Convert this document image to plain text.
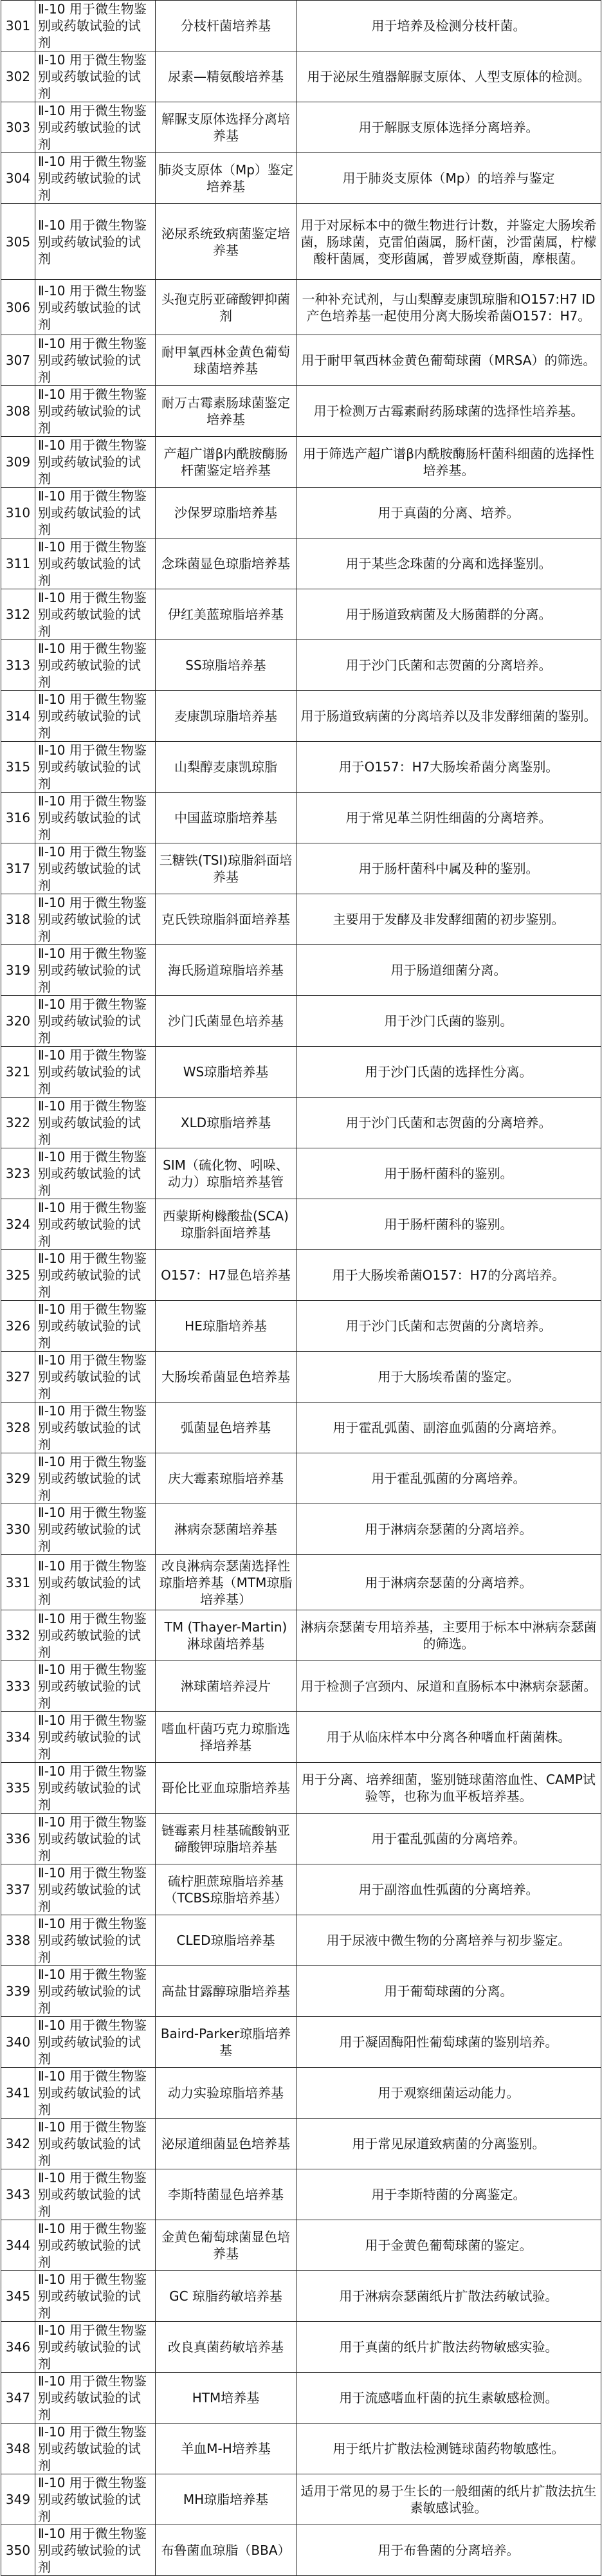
301	Ⅱ-10 用于微生物鉴别或药敏试验的试剂	分枝杆菌培养基	用于培养及检测分枝杆菌。
302	Ⅱ-10 用于微生物鉴别或药敏试验的试剂	尿素—精氨酸培养基	用于泌尿生殖器解脲支原体、人型支原体的检测。
303	Ⅱ-10 用于微生物鉴别或药敏试验的试剂	解脲支原体选择分离培养基	用于解脲支原体选择分离培养。
304	Ⅱ-10 用于微生物鉴别或药敏试验的试剂	肺炎支原体（Mp）鉴定培养基	用于肺炎支原体（Mp）的培养与鉴定
305	Ⅱ-10 用于微生物鉴别或药敏试验的试剂	泌尿系统致病菌鉴定培养基	用于对尿标本中的微生物进行计数，并鉴定大肠埃希菌，肠球菌，克雷伯菌属，肠杆菌，沙雷菌属，柠檬酸杆菌属，变形菌属，普罗威登斯菌，摩根菌。
306	Ⅱ-10 用于微生物鉴别或药敏试验的试剂	头孢克肟亚碲酸钾抑菌剂	一种补充试剂，与山梨醇麦康凯琼脂和O157:H7 ID产色培养基一起使用分离大肠埃希菌O157：H7。
307	Ⅱ-10 用于微生物鉴别或药敏试验的试剂	耐甲氧西林金黄色葡萄球菌培养基	用于耐甲氧西林金黄色葡萄球菌（MRSA）的筛选。
308	Ⅱ-10 用于微生物鉴别或药敏试验的试剂	耐万古霉素肠球菌鉴定培养基	用于检测万古霉素耐药肠球菌的选择性培养基。
309	Ⅱ-10 用于微生物鉴别或药敏试验的试剂	产超广谱β内酰胺酶肠杆菌鉴定培养基	用于筛选产超广谱β内酰胺酶肠杆菌科细菌的选择性培养基。
310	Ⅱ-10 用于微生物鉴别或药敏试验的试剂	沙保罗琼脂培养基	用于真菌的分离、培养。
311	Ⅱ-10 用于微生物鉴别或药敏试验的试剂	念珠菌显色琼脂培养基	用于某些念珠菌的分离和选择鉴别。
312	Ⅱ-10 用于微生物鉴别或药敏试验的试剂	伊红美蓝琼脂培养基	用于肠道致病菌及大肠菌群的分离。
313	Ⅱ-10 用于微生物鉴别或药敏试验的试剂	SS琼脂培养基	用于沙门氏菌和志贺菌的分离培养。
314	Ⅱ-10 用于微生物鉴别或药敏试验的试剂	麦康凯琼脂培养基	用于肠道致病菌的分离培养以及非发酵细菌的鉴别。
315	Ⅱ-10 用于微生物鉴别或药敏试验的试剂	山梨醇麦康凯琼脂	用于O157：H7大肠埃希菌分离鉴别。
316	Ⅱ-10 用于微生物鉴别或药敏试验的试剂	中国蓝琼脂培养基	用于常见革兰阴性细菌的分离培养。
317	Ⅱ-10 用于微生物鉴别或药敏试验的试剂	三糖铁(TSI)琼脂斜面培养基	用于肠杆菌科中属及种的鉴别。
318	Ⅱ-10 用于微生物鉴别或药敏试验的试剂	克氏铁琼脂斜面培养基	主要用于发酵及非发酵细菌的初步鉴别。
319	Ⅱ-10 用于微生物鉴别或药敏试验的试剂	海氏肠道琼脂培养基	用于肠道细菌分离。
320	Ⅱ-10 用于微生物鉴别或药敏试验的试剂	沙门氏菌显色培养基	用于沙门氏菌的鉴别。
321	Ⅱ-10 用于微生物鉴别或药敏试验的试剂	WS琼脂培养基	用于沙门氏菌的选择性分离。
322	Ⅱ-10 用于微生物鉴别或药敏试验的试剂	XLD琼脂培养基	用于沙门氏菌和志贺菌的分离培养。
323	Ⅱ-10 用于微生物鉴别或药敏试验的试剂	SIM（硫化物、吲哚、动力）琼脂培养基管	用于肠杆菌科的鉴别。
324	Ⅱ-10 用于微生物鉴别或药敏试验的试剂	西蒙斯枸橼酸盐(SCA)琼脂斜面培养基	用于肠杆菌科的鉴别。
325	Ⅱ-10 用于微生物鉴别或药敏试验的试剂	O157：H7显色培养基	用于大肠埃希菌O157：H7的分离培养。
326	Ⅱ-10 用于微生物鉴别或药敏试验的试剂	HE琼脂培养基	用于沙门氏菌和志贺菌的分离培养。
327	Ⅱ-10 用于微生物鉴别或药敏试验的试剂	大肠埃希菌显色培养基	用于大肠埃希菌的鉴定。
328	Ⅱ-10 用于微生物鉴别或药敏试验的试剂	弧菌显色培养基	用于霍乱弧菌、副溶血弧菌的分离培养。
329	Ⅱ-10 用于微生物鉴别或药敏试验的试剂	庆大霉素琼脂培养基	用于霍乱弧菌的分离培养。
330	Ⅱ-10 用于微生物鉴别或药敏试验的试剂	淋病奈瑟菌培养基	用于淋病奈瑟菌的分离培养。
331	Ⅱ-10 用于微生物鉴别或药敏试验的试剂	改良淋病奈瑟菌选择性琼脂培养基（MTM琼脂培养基）	用于淋病奈瑟菌的分离培养。
332	Ⅱ-10 用于微生物鉴别或药敏试验的试剂	TM (Thayer-Martin)淋球菌培养基	淋病奈瑟菌专用培养基，主要用于标本中淋病奈瑟菌的筛选。
333	Ⅱ-10 用于微生物鉴别或药敏试验的试剂	淋球菌培养浸片	用于检测子宫颈内、尿道和直肠标本中淋病奈瑟菌。
334	Ⅱ-10 用于微生物鉴别或药敏试验的试剂	嗜血杆菌巧克力琼脂选择培养基	用于从临床样本中分离各种嗜血杆菌菌株。
335	Ⅱ-10 用于微生物鉴别或药敏试验的试剂	哥伦比亚血琼脂培养基	用于分离、培养细菌，鉴别链球菌溶血性、CAMP试验等，也称为血平板培养基。
336	Ⅱ-10 用于微生物鉴别或药敏试验的试剂	链霉素月桂基硫酸钠亚碲酸钾琼脂培养基	用于霍乱弧菌的分离培养。
337	Ⅱ-10 用于微生物鉴别或药敏试验的试剂	硫柠胆蔗琼脂培养基（TCBS琼脂培养基）	用于副溶血性弧菌的分离培养。
338	Ⅱ-10 用于微生物鉴别或药敏试验的试剂	CLED琼脂培养基	用于尿液中微生物的分离培养与初步鉴定。
339	Ⅱ-10 用于微生物鉴别或药敏试验的试剂	高盐甘露醇琼脂培养基	用于葡萄球菌的分离。
340	Ⅱ-10 用于微生物鉴别或药敏试验的试剂	Baird-Parker琼脂培养基	用于凝固酶阳性葡萄球菌的鉴别培养。
341	Ⅱ-10 用于微生物鉴别或药敏试验的试剂	动力实验琼脂培养基	用于观察细菌运动能力。
342	Ⅱ-10 用于微生物鉴别或药敏试验的试剂	泌尿道细菌显色培养基	用于常见尿道致病菌的分离鉴别。
343	Ⅱ-10 用于微生物鉴别或药敏试验的试剂	李斯特菌显色培养基	用于李斯特菌的分离鉴定。
344	Ⅱ-10 用于微生物鉴别或药敏试验的试剂	金黄色葡萄球菌显色培养基	用于金黄色葡萄球菌的鉴定。
345	Ⅱ-10 用于微生物鉴别或药敏试验的试剂	GC 琼脂药敏培养基	用于淋病奈瑟菌纸片扩散法药敏试验。
346	Ⅱ-10 用于微生物鉴别或药敏试验的试剂	改良真菌药敏培养基	用于真菌的纸片扩散法药物敏感实验。
347	Ⅱ-10 用于微生物鉴别或药敏试验的试剂	HTM培养基	用于流感嗜血杆菌的抗生素敏感检测。
348	Ⅱ-10 用于微生物鉴别或药敏试验的试剂	羊血M-H培养基	用于纸片扩散法检测链球菌药物敏感性。
349	Ⅱ-10 用于微生物鉴别或药敏试验的试剂	MH琼脂培养基	适用于常见的易于生长的一般细菌的纸片扩散法抗生素敏感试验。
350	Ⅱ-10 用于微生物鉴别或药敏试验的试剂	布鲁菌血琼脂（BBA）	用于布鲁菌的分离培养。
